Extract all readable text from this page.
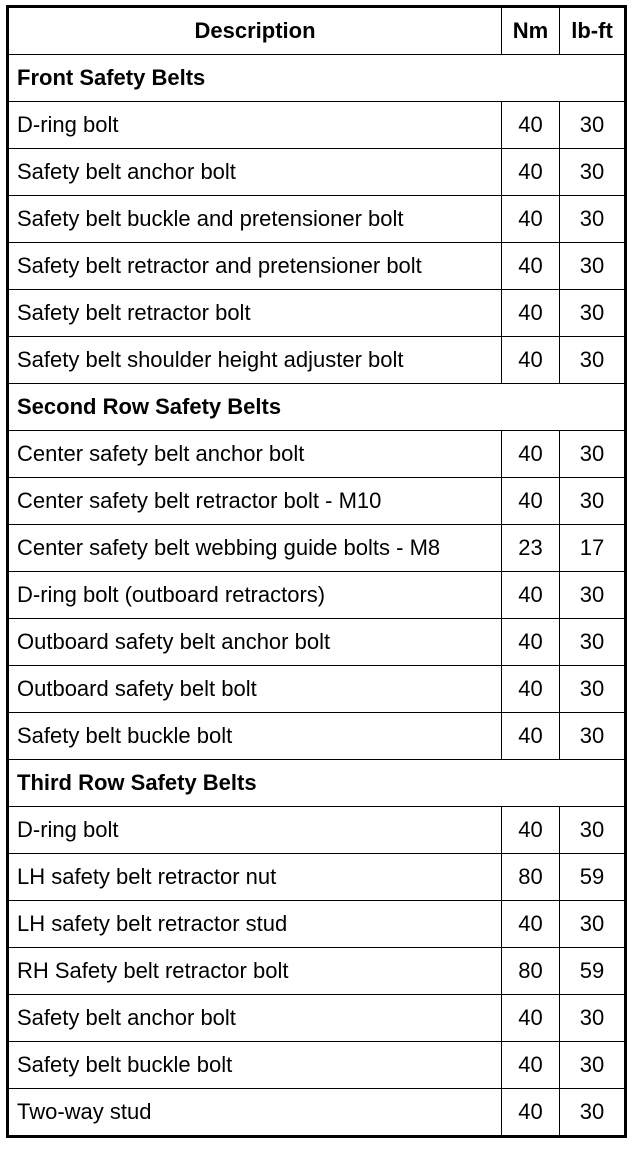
Description	Nm	lb-ft
Front Safety Belts		
D-ring bolt	40	30
Safety belt anchor bolt	40	30
Safety belt buckle and pretensioner bolt	40	30
Safety belt retractor and pretensioner bolt	40	30
Safety belt retractor bolt	40	30
Safety belt shoulder height adjuster bolt	40	30
Second Row Safety Belts		
Center safety belt anchor bolt	40	30
Center safety belt retractor bolt - M10	40	30
Center safety belt webbing guide bolts - M8	23	17
D-ring bolt (outboard retractors)	40	30
Outboard safety belt anchor bolt	40	30
Outboard safety belt bolt	40	30
Safety belt buckle bolt	40	30
Third Row Safety Belts		
D-ring bolt	40	30
LH safety belt retractor nut	80	59
LH safety belt retractor stud	40	30
RH Safety belt retractor bolt	80	59
Safety belt anchor bolt	40	30
Safety belt buckle bolt	40	30
Two-way stud	40	30
